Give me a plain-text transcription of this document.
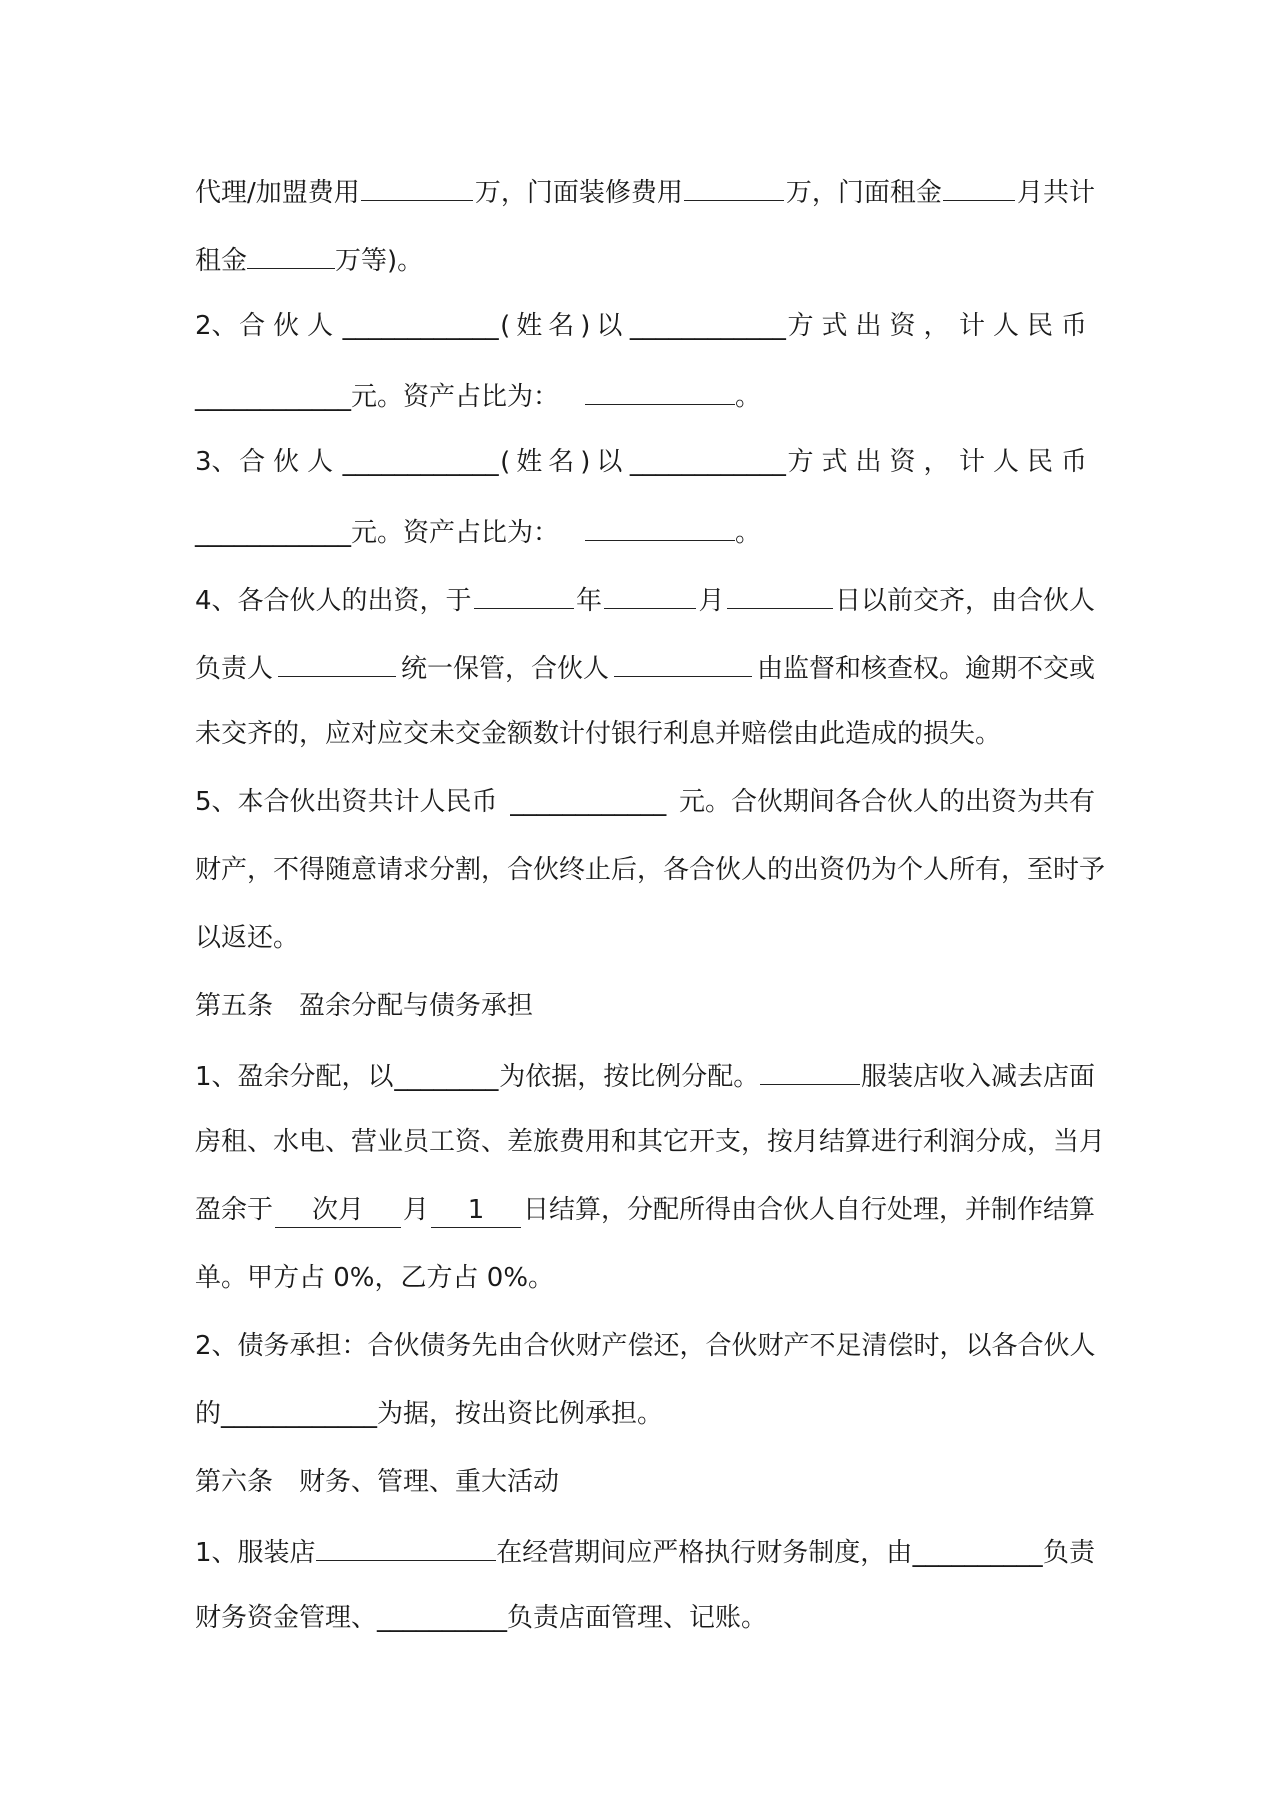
代理/加盟费用	万，门面装修费用	万，门面租金	月共计
租金	万等)。
2、 合伙人 ____________ (姓名)以 ____________ 方式出资， 计人民币
____________元。资产占比为：	。
3、 合伙人 ____________ (姓名)以 ____________ 方式出资， 计人民币
____________元。资产占比为：	。
4、各合伙人的出资，于	年	月	日以前交齐，由合伙人
负责人	统一保管，合伙人	由监督和核查权。逾期不交或
未交齐的，应对应交未交金额数计付银行利息并赔偿由此造成的损失。
5、本合伙出资共计人民币 ____________ 元。合伙期间各合伙人的出资为共有
财产，不得随意请求分割，合伙终止后，各合伙人的出资仍为个人所有，至时予
以返还。
第五条 盈余分配与债务承担
1、盈余分配，以 ________ 为依据，按比例分配。	服装店收入减去店面
房租、水电、营业员工资、差旅费用和其它开支，按月结算进行利润分成，当月
盈余于	次月	月	1	日结算，分配所得由合伙人自行处理，并制作结算
单。甲方占 0%，乙方占 0%。
2、债务承担：合伙债务先由合伙财产偿还，合伙财产不足清偿时，以各合伙人
的____________为据，按出资比例承担。
第六条 财务、管理、重大活动
1、服装店	在经营期间应严格执行财务制度，由 __________ 负责
财务资金管理、__________负责店面管理、记账。
